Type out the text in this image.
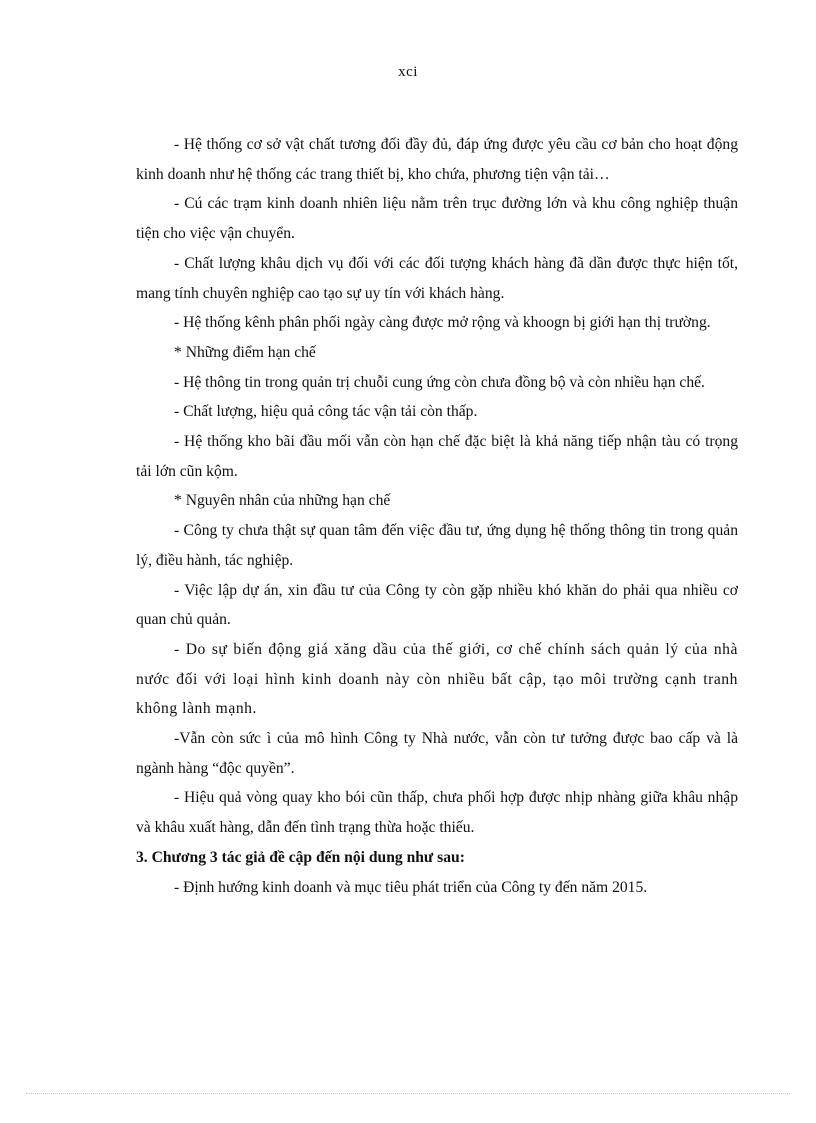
xci

- Hệ thống cơ sở vật chất tương đối đầy đủ, đáp ứng được yêu cầu cơ bản cho hoạt động kinh doanh như hệ thống các trang thiết bị, kho chứa, phương tiện vận tải…

- Cú các trạm kinh doanh nhiên liệu nằm trên trục đường lớn và khu công nghiệp thuận tiện cho việc vận chuyển.

- Chất lượng khâu dịch vụ đối với các đối tượng khách hàng đã dần được thực hiện tốt, mang tính chuyên nghiệp cao tạo sự uy tín với khách hàng.

- Hệ thống kênh phân phối ngày càng được mở rộng và khoogn bị giới hạn thị trường.

* Những điểm hạn chế

- Hệ thông tin trong quản trị chuỗi cung ứng còn chưa đồng bộ và còn nhiều hạn chế.

- Chất lượng, hiệu quả công tác vận tải còn thấp.

- Hệ thống kho bãi đầu mối vẫn còn hạn chế đặc biệt là khả năng tiếp nhận tàu có trọng tải lớn cũn kộm.

* Nguyên nhân của những hạn chế

- Công ty chưa thật sự quan tâm đến việc đầu tư, ứng dụng hệ thống thông tin trong quản lý, điều hành, tác nghiệp.

- Việc lập dự án, xin đầu tư của Công ty còn gặp nhiều khó khăn do phải qua nhiều cơ quan chủ quản.

- Do sự biến động giá xăng dầu của thế giới, cơ chế chính sách quản lý của nhà nước đối với loại hình kinh doanh này còn nhiều bất cập, tạo môi trường cạnh tranh không lành mạnh.

-Vẫn còn sức ì của mô hình Công ty Nhà nước, vẫn còn tư tưởng được bao cấp và là ngành hàng “độc quyền”.

- Hiệu quả vòng quay kho bói cũn thấp, chưa phối hợp được nhịp nhàng giữa khâu nhập và khâu xuất hàng, dẫn đến tình trạng thừa hoặc thiếu.

3. Chương 3 tác giả đề cập đến nội dung như sau:

- Định hướng kinh doanh và mục tiêu phát triển của Công ty đến năm 2015.
